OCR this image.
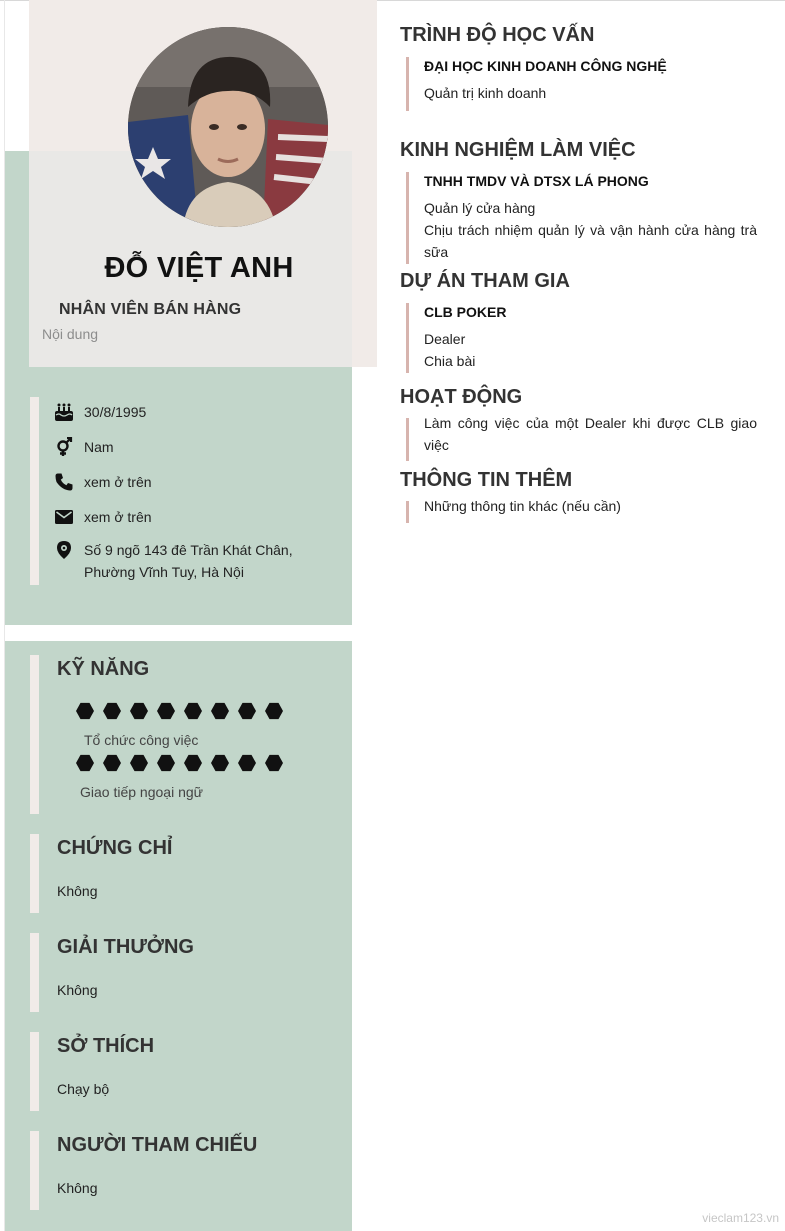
ĐỖ VIỆT ANH
NHÂN VIÊN BÁN HÀNG
Nội dung
30/8/1995
Nam
xem ở trên
xem ở trên
Số 9 ngõ 143 đê Trần Khát Chân,
Phường Vĩnh Tuy, Hà Nội
KỸ NĂNG
Tổ chức công việc
Giao tiếp ngoại ngữ
CHỨNG CHỈ
Không
GIẢI THƯỞNG
Không
SỞ THÍCH
Chạy bộ
NGƯỜI THAM CHIẾU
Không
TRÌNH ĐỘ HỌC VẤN
ĐẠI HỌC KINH DOANH CÔNG NGHỆ
Quản trị kinh doanh
KINH NGHIỆM LÀM VIỆC
TNHH TMDV VÀ DTSX LÁ PHONG
Quản lý cửa hàng
Chịu trách nhiệm quản lý và vận hành cửa hàng trà sữa
DỰ ÁN THAM GIA
CLB POKER
Dealer
Chia bài
HOẠT ĐỘNG
Làm công việc của một Dealer khi được CLB giao việc
THÔNG TIN THÊM
Những thông tin khác (nếu cần)
vieclam123.vn
